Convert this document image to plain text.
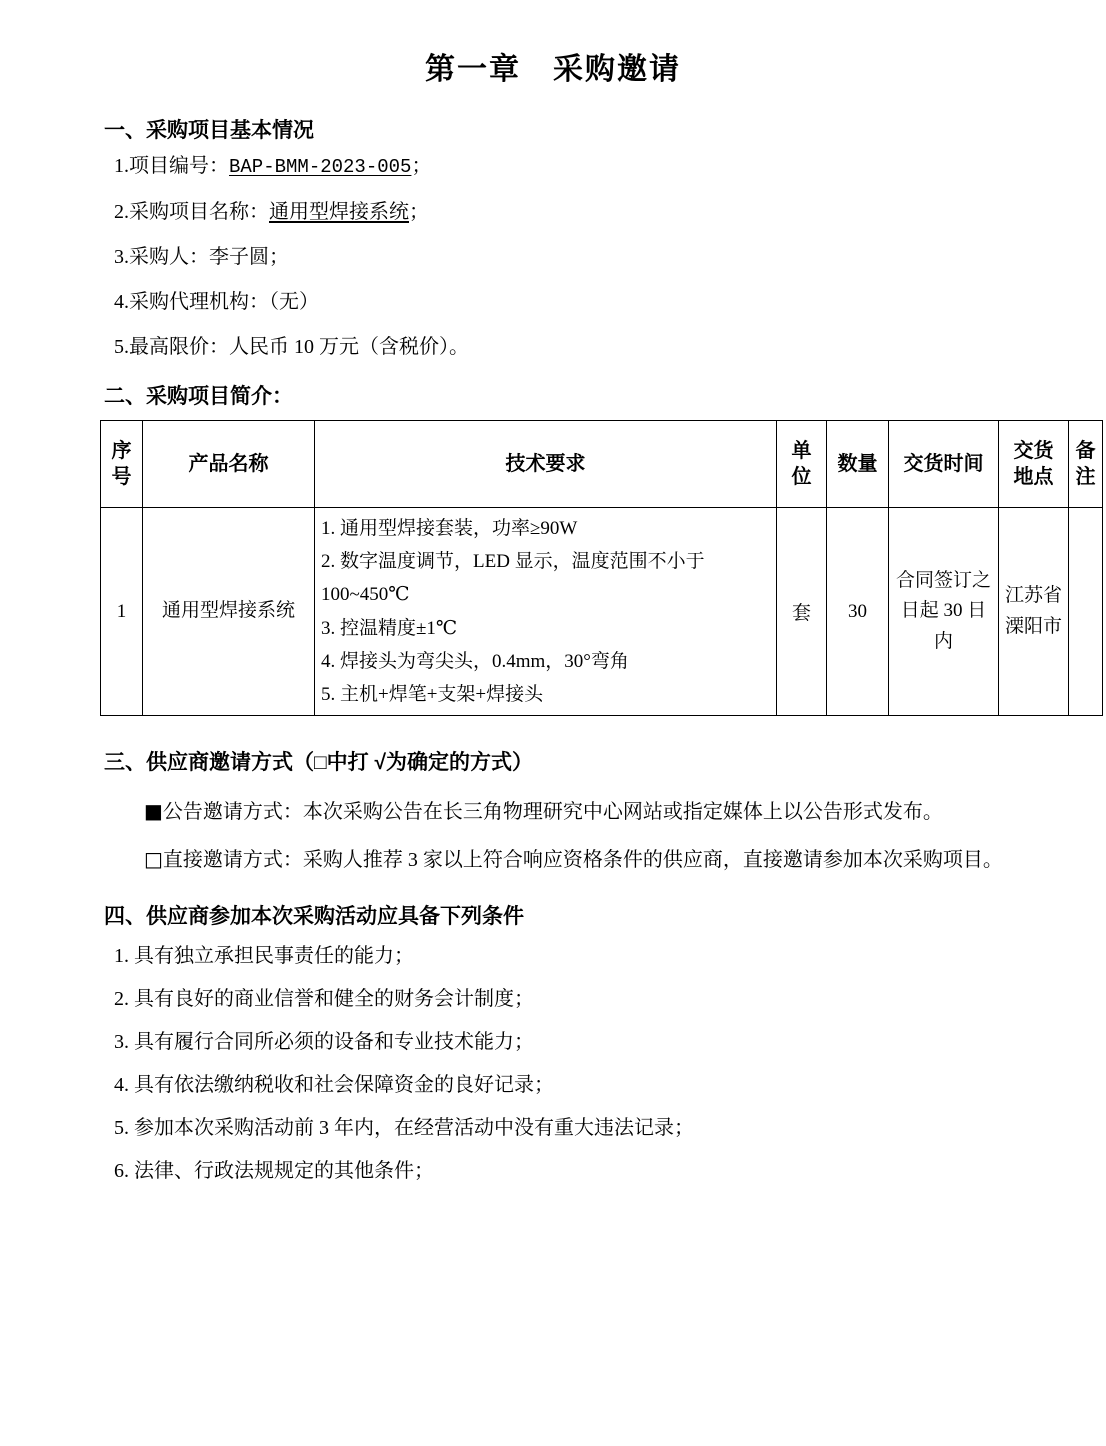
第一章　采购邀请
一、采购项目基本情况
1.项目编号：BAP-BMM-2023-005；
2.采购项目名称：通用型焊接系统；
3.采购人：李子圆；
4.采购代理机构：（无）
5.最高限价：人民币 10 万元（含税价）。
二、采购项目简介：
序号	产品名称	技术要求	单位	数量	交货时间	交货地点	备注
1	通用型焊接系统	1. 通用型焊接套装，功率≥90W
2. 数字温度调节，LED 显示，温度范围不小于 100~450℃
3. 控温精度±1℃
4. 焊接头为弯尖头，0.4mm，30°弯角
5. 主机+焊笔+支架+焊接头	套	30	合同签订之日起 30 日内	江苏省溧阳市	
三、供应商邀请方式（□中打 √为确定的方式）
■公告邀请方式：本次采购公告在长三角物理研究中心网站或指定媒体上以公告形式发布。
□直接邀请方式：采购人推荐 3 家以上符合响应资格条件的供应商，直接邀请参加本次采购项目。
四、供应商参加本次采购活动应具备下列条件
1. 具有独立承担民事责任的能力；
2. 具有良好的商业信誉和健全的财务会计制度；
3. 具有履行合同所必须的设备和专业技术能力；
4. 具有依法缴纳税收和社会保障资金的良好记录；
5. 参加本次采购活动前 3 年内，在经营活动中没有重大违法记录；
6. 法律、行政法规规定的其他条件；
